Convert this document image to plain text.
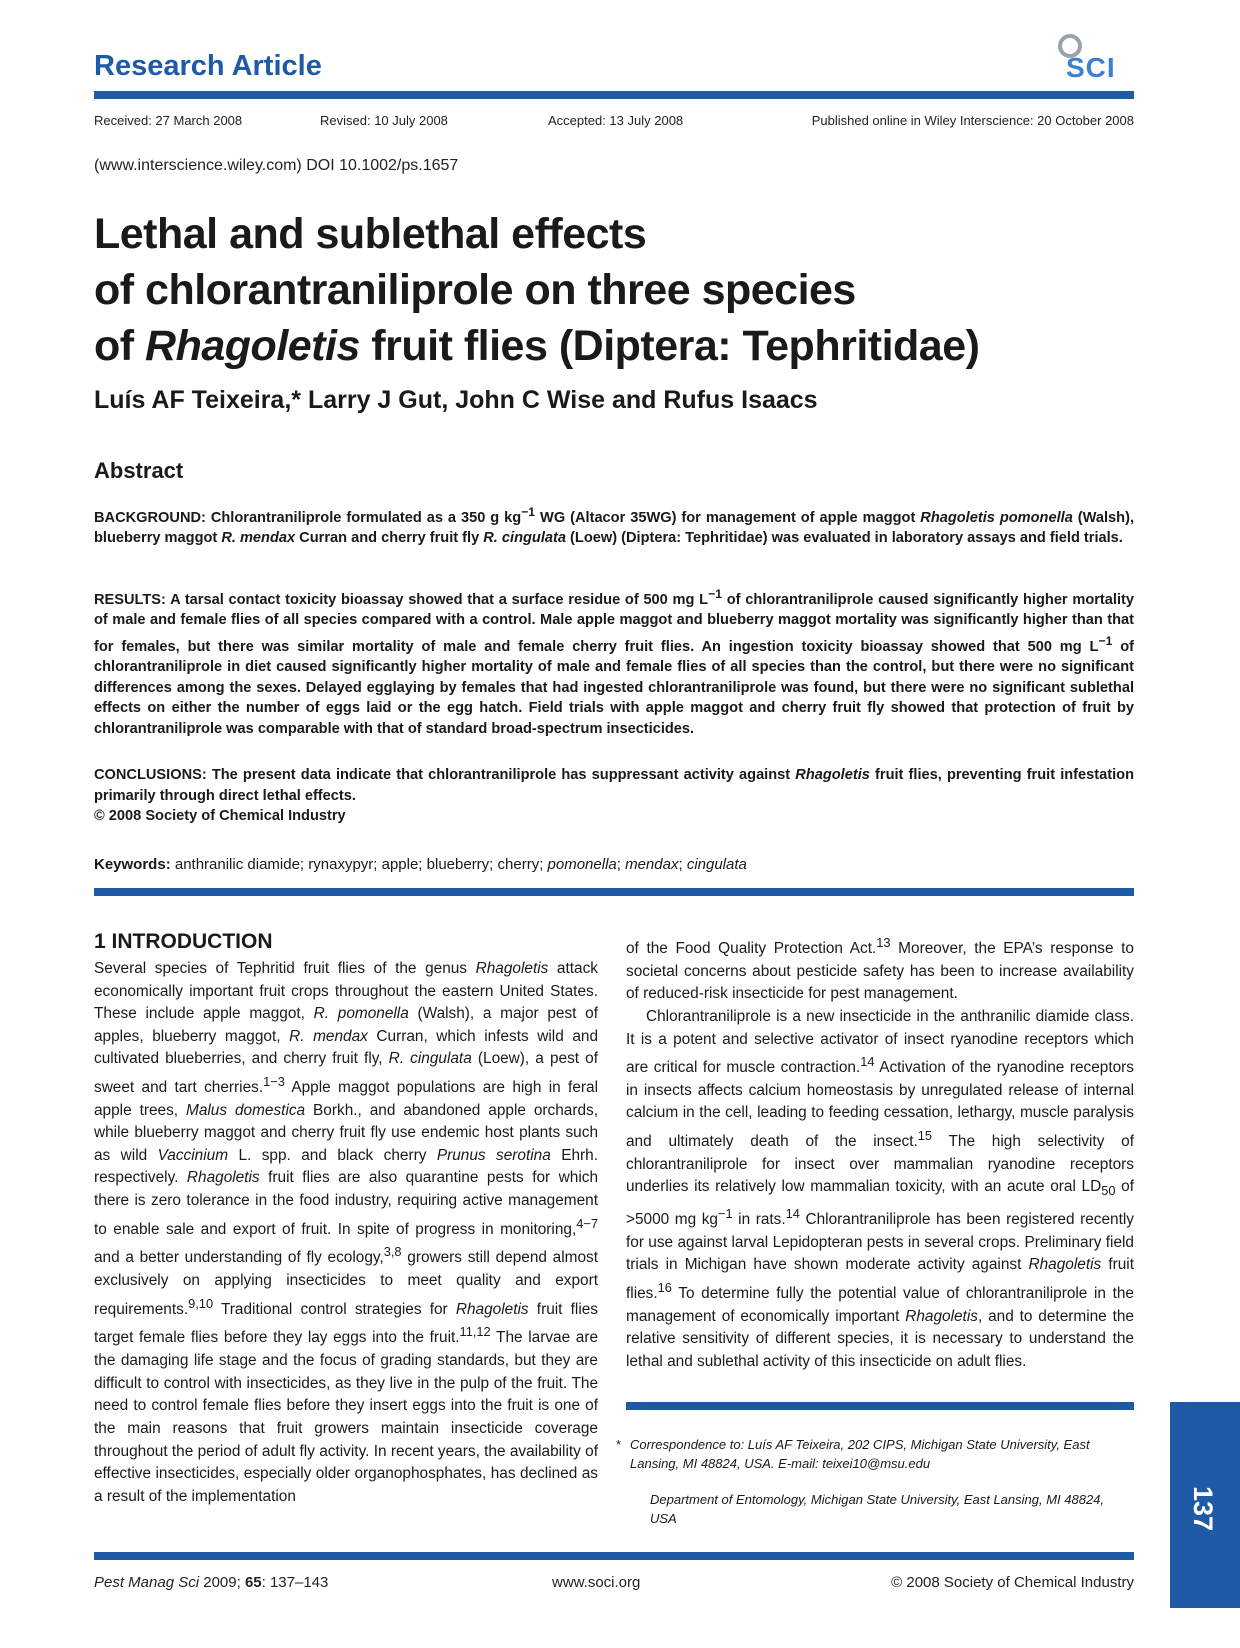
Research Article	SCI
Received: 27 March 2008	Revised: 10 July 2008	Accepted: 13 July 2008	Published online in Wiley Interscience: 20 October 2008
(www.interscience.wiley.com) DOI 10.1002/ps.1657
Lethal and sublethal effects
of chlorantraniliprole on three species
of Rhagoletis fruit flies (Diptera: Tephritidae)
Luís AF Teixeira,* Larry J Gut, John C Wise and Rufus Isaacs
Abstract
BACKGROUND: Chlorantraniliprole formulated as a 350 g $kg^{-1}$ WG (Altacor 35WG) for management of apple maggot Rhagoletis pomonella (Walsh), blueberry maggot R. mendax Curran and cherry fruit fly R. cingulata (Loew) (Diptera: Tephritidae) was evaluated in laboratory assays and field trials.
RESULTS: A tarsal contact toxicity bioassay showed that a surface residue of 500 mg $L^{-1}$ of chlorantraniliprole caused significantly higher mortality of male and female flies of all species compared with a control. Male apple maggot and blueberry maggot mortality was significantly higher than that for females, but there was similar mortality of male and female cherry fruit flies. An ingestion toxicity bioassay showed that 500 mg $L^{-1}$ of chlorantraniliprole in diet caused significantly higher mortality of male and female flies of all species than the control, but there were no significant differences among the sexes. Delayed egglaying by females that had ingested chlorantraniliprole was found, but there were no significant sublethal effects on either the number of eggs laid or the egg hatch. Field trials with apple maggot and cherry fruit fly showed that protection of fruit by chlorantraniliprole was comparable with that of standard broad-spectrum insecticides.
CONCLUSIONS: The present data indicate that chlorantraniliprole has suppressant activity against Rhagoletis fruit flies, preventing fruit infestation primarily through direct lethal effects.
© 2008 Society of Chemical Industry
Keywords: anthranilic diamide; rynaxypyr; apple; blueberry; cherry; pomonella; mendax; cingulata
1 INTRODUCTION
Several species of Tephritid fruit flies of the genus Rhagoletis attack economically important fruit crops throughout the eastern United States. These include apple maggot, R. pomonella (Walsh), a major pest of apples, blueberry maggot, R. mendax Curran, which infests wild and cultivated blueberries, and cherry fruit fly, R. cingulata (Loew), a pest of sweet and tart cherries.$^{1-3}$ Apple maggot populations are high in feral apple trees, Malus domestica Borkh., and abandoned apple orchards, while blueberry maggot and cherry fruit fly use endemic host plants such as wild Vaccinium L. spp. and black cherry Prunus serotina Ehrh. respectively. Rhagoletis fruit flies are also quarantine pests for which there is zero tolerance in the food industry, requiring active management to enable sale and export of fruit. In spite of progress in monitoring,$^{4-7}$ and a better understanding of fly ecology,$^{3,8}$ growers still depend almost exclusively on applying insecticides to meet quality and export requirements.$^{9,10}$ Traditional control strategies for Rhagoletis fruit flies target female flies before they lay eggs into the fruit.$^{11,12}$ The larvae are the damaging life stage and the focus of grading standards, but they are difficult to control with insecticides, as they live in the pulp of the fruit. The need to control female flies before they insert eggs into the fruit is one of the main reasons that fruit growers maintain insecticide coverage throughout the period of adult fly activity. In recent years, the availability of effective insecticides, especially older organophosphates, has declined as a result of the implementation

of the Food Quality Protection Act.$^{13}$ Moreover, the EPA’s response to societal concerns about pesticide safety has been to increase availability of reduced-risk insecticide for pest management.

Chlorantraniliprole is a new insecticide in the anthranilic diamide class. It is a potent and selective activator of insect ryanodine receptors which are critical for muscle contraction.$^{14}$ Activation of the ryanodine receptors in insects affects calcium homeostasis by unregulated release of internal calcium in the cell, leading to feeding cessation, lethargy, muscle paralysis and ultimately death of the insect.$^{15}$ The high selectivity of chlorantraniliprole for insect over mammalian ryanodine receptors underlies its relatively low mammalian toxicity, with an acute oral $LD_{50}$ of >5000 mg $kg^{-1}$ in rats.$^{14}$ Chlorantraniliprole has been registered recently for use against larval Lepidopteran pests in several crops. Preliminary field trials in Michigan have shown moderate activity against Rhagoletis fruit flies.$^{16}$ To determine fully the potential value of chlorantraniliprole in the management of economically important Rhagoletis, and to determine the relative sensitivity of different species, it is necessary to understand the lethal and sublethal activity of this insecticide on adult flies.

* Correspondence to: Luís AF Teixeira, 202 CIPS, Michigan State University, East Lansing, MI 48824, USA. E-mail: teixei10@msu.edu
Department of Entomology, Michigan State University, East Lansing, MI 48824, USA	137
Pest Manag Sci 2009; 65: 137–143	www.soci.org	© 2008 Society of Chemical Industry
